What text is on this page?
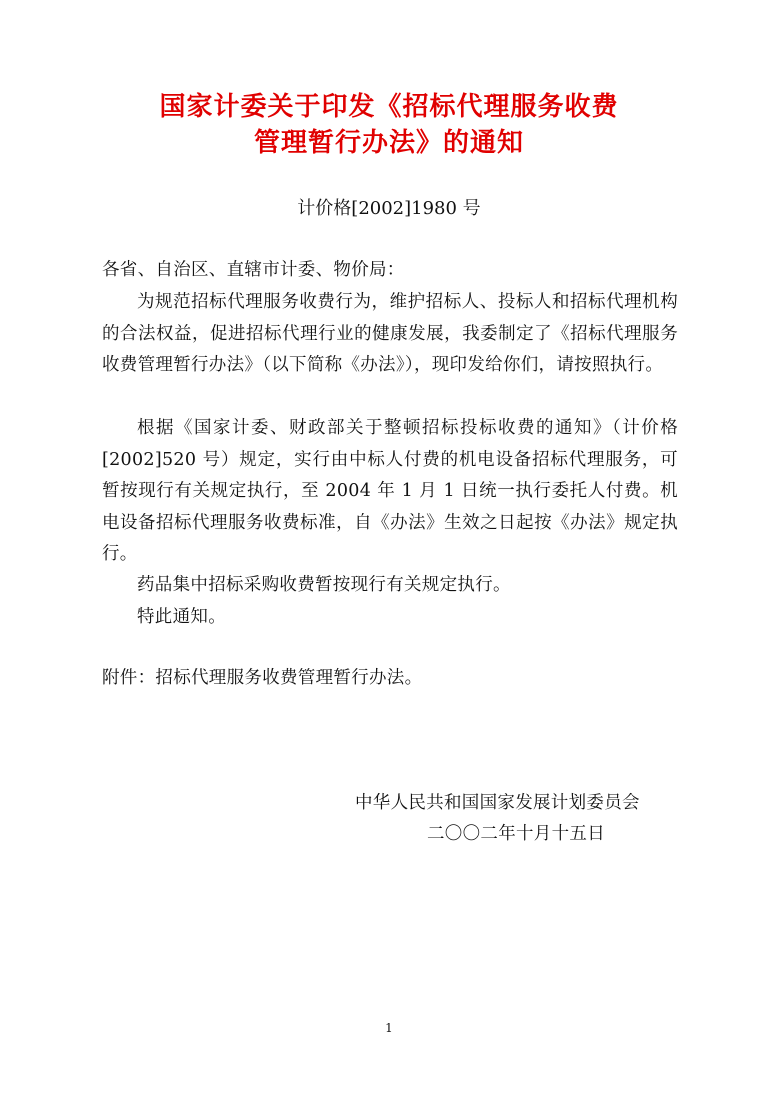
国家计委关于印发《招标代理服务收费
管理暂行办法》的通知
计价格[2002]1980 号

各省、自治区、直辖市计委、物价局：

为规范招标代理服务收费行为，维护招标人、投标人和招标代理机构的合法权益，促进招标代理行业的健康发展，我委制定了《招标代理服务收费管理暂行办法》（以下简称《办法》），现印发给你们，请按照执行。

根据《国家计委、财政部关于整顿招标投标收费的通知》（计价格[2002]520 号）规定，实行由中标人付费的机电设备招标代理服务，可暂按现行有关规定执行，至 2004 年 1 月 1 日统一执行委托人付费。机电设备招标代理服务收费标准，自《办法》生效之日起按《办法》规定执行。

药品集中招标采购收费暂按现行有关规定执行。

特此通知。

附件：招标代理服务收费管理暂行办法。

中华人民共和国国家发展计划委员会
二〇〇二年十月十五日
1
